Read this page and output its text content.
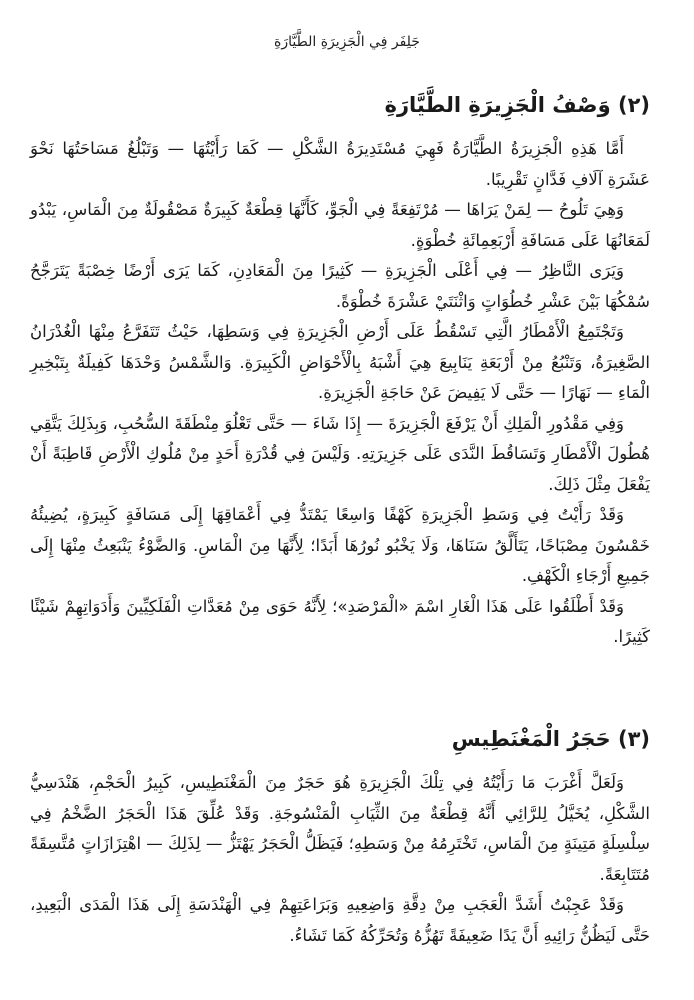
جَلِفَر فِي الْجَزِيرَةِ الطَّيَّارَةِ
(٢) وَصْفُ الْجَزِيرَةِ الطَّيَّارَةِ

أَمَّا هَذِهِ الْجَزِيرَةُ الطَّيَّارَةُ فَهِيَ مُسْتَدِيرَةُ الشَّكْلِ — كَمَا رَأَيْتُهَا — وَتَبْلُغُ مَسَاحَتُهَا نَحْوَ عَشَرَةِ آلَافِ فَدَّانٍ تَقْرِيبًا.

وَهِيَ تَلُوحُ — لِمَنْ يَرَاهَا — مُرْتَفِعَةً فِي الْجَوِّ، كَأَنَّهَا قِطْعَةٌ كَبِيرَةٌ مَصْقُولَةٌ مِنَ الْمَاسِ، يَبْدُو لَمَعَانُهَا عَلَى مَسَافَةِ أَرْبَعِمِائَةِ خُطْوَةٍ.

وَيَرَى النَّاظِرُ — فِي أَعْلَى الْجَزِيرَةِ — كَثِيرًا مِنَ الْمَعَادِنِ، كَمَا يَرَى أَرْضًا خِصْبَةً يَتَرَجَّحُ سُمْكُهَا بَيْنَ عَشْرِ خُطُوَاتٍ وَاثْنَتَيْ عَشْرَةَ خُطْوَةً.

وَتَجْتَمِعُ الْأَمْطَارُ الَّتِي تَسْقُطُ عَلَى أَرْضِ الْجَزِيرَةِ فِي وَسَطِهَا، حَيْثُ تَتَفَرَّعُ مِنْهَا الْغُدْرَانُ الصَّغِيرَةُ، وَتَنْبُعُ مِنْ أَرْبَعَةِ يَنَابِيعَ هِيَ أَشْبَهُ بِالْأَحْوَاضِ الْكَبِيرَةِ. وَالشَّمْسُ وَحْدَهَا كَفِيلَةٌ بِتَبْخِيرِ الْمَاءِ — نَهَارًا — حَتَّى لَا يَفِيضَ عَنْ حَاجَةِ الْجَزِيرَةِ.

وَفِي مَقْدُورِ الْمَلِكِ أَنْ يَرْفَعَ الْجَزِيرَةَ — إِذَا شَاءَ — حَتَّى تَعْلُوَ مِنْطَقَةَ السُّحُبِ، وَبِذَلِكَ يَتَّقِي هُطُولَ الْأَمْطَارِ وَتَسَاقُطَ النَّدَى عَلَى جَزِيرَتِهِ. وَلَيْسَ فِي قُدْرَةِ أَحَدٍ مِنْ مُلُوكِ الْأَرْضِ قَاطِبَةً أَنْ يَفْعَلَ مِثْلَ ذَلِكَ.

وَقَدْ رَأَيْتُ فِي وَسَطِ الْجَزِيرَةِ كَهْفًا وَاسِعًا يَمْتَدُّ فِي أَعْمَاقِهَا إِلَى مَسَافَةٍ كَبِيرَةٍ، يُضِيئُهُ خَمْسُونَ مِصْبَاحًا، يَتَأَلَّقُ سَنَاهَا، وَلَا يَخْبُو نُورُهَا أَبَدًا؛ لِأَنَّهَا مِنَ الْمَاسِ. وَالضَّوْءُ يَنْبَعِثُ مِنْهَا إِلَى جَمِيعِ أَرْجَاءِ الْكَهْفِ.

وَقَدْ أَطْلَقُوا عَلَى هَذَا الْغَارِ اسْمَ «الْمَرْصَدِ»؛ لِأَنَّهُ حَوَى مِنْ مُعَدَّاتِ الْفَلَكِيِّينَ وَأَدَوَاتِهِمْ شَيْئًا كَثِيرًا.

(٣) حَجَرُ الْمَغْنَطِيسِ

وَلَعَلَّ أَغْرَبَ مَا رَأَيْتُهُ فِي تِلْكَ الْجَزِيرَةِ هُوَ حَجَرٌ مِنَ الْمَغْنَطِيسِ، كَبِيرُ الْحَجْمِ، هَنْدَسِيُّ الشَّكْلِ، يُخَيَّلُ لِلرَّائِي أَنَّهُ قِطْعَةٌ مِنَ الثِّيَابِ الْمَنْسُوجَةِ. وَقَدْ عُلِّقَ هَذَا الْحَجَرُ الضَّخْمُ فِي سِلْسِلَةٍ مَتِينَةٍ مِنَ الْمَاسِ، تَخْتَرِمُهُ مِنْ وَسَطِهِ؛ فَيَظَلُّ الْحَجَرُ يَهْتَزُّ — لِذَلِكَ — اهْتِزَازَاتٍ مُتَّسِقَةً مُتَتَابِعَةً.

وَقَدْ عَجِبْتُ أَشَدَّ الْعَجَبِ مِنْ دِقَّةِ وَاضِعِيهِ وَبَرَاعَتِهِمْ فِي الْهَنْدَسَةِ إِلَى هَذَا الْمَدَى الْبَعِيدِ، حَتَّى لَيَظُنُّ رَائِيهِ أَنَّ يَدًا ضَعِيفَةً تَهُزُّهُ وَتُحَرِّكُهُ كَمَا تَشَاءُ.
